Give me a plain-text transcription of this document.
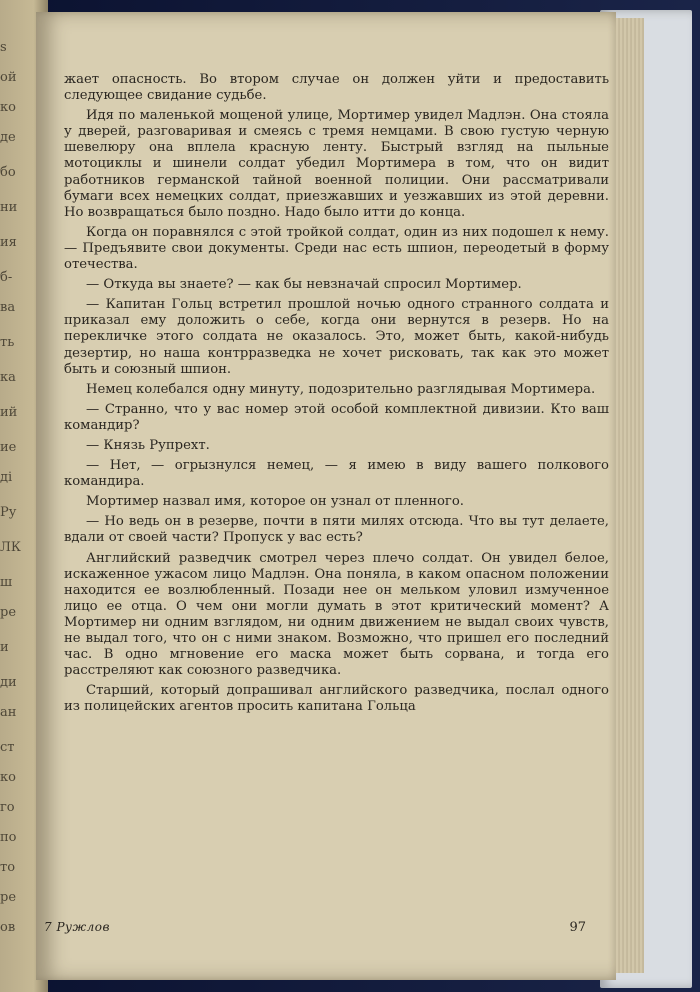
s
ой
ко
де
бо
ни
ия
б-
ва
ть
ка
ий
ие
дi
Ру
ЛК
ш
ре
и
ди
ан
ст
ко
го
по
то
ре
ов

жает опасность. Во втором случае он должен уйти и предоставить следующее свидание судьбе.

Идя по маленькой мощеной улице, Мортимер увидел Мадлэн. Она стояла у дверей, разговаривая и смеясь с тремя немцами. В свою густую черную шевелюру она вплела красную ленту. Быстрый взгляд на пыльные мотоциклы и шинели солдат убедил Мортимера в том, что он видит работников германской тайной военной полиции. Они рассматривали бумаги всех немецких солдат, приезжавших и уезжавших из этой деревни. Но возвращаться было поздно. Надо было итти до конца.

Когда он поравнялся с этой тройкой солдат, один из них подошел к нему. — Предъявите свои документы. Среди нас есть шпион, переодетый в форму отечества.

— Откуда вы знаете? — как бы невзначай спросил Мортимер.

— Капитан Гольц встретил прошлой ночью одного странного солдата и приказал ему доложить о себе, когда они вернутся в резерв. Но на перекличке этого солдата не оказалось. Это, может быть, какой-нибудь дезертир, но наша контрразведка не хочет рисковать, так как это может быть и союзный шпион.

Немец колебался одну минуту, подозрительно разглядывая Мортимера.

— Странно, что у вас номер этой особой комплектной дивизии. Кто ваш командир?

— Князь Рупрехт.

— Нет, — огрызнулся немец, — я имею в виду вашего полкового командира.

Мортимер назвал имя, которое он узнал от пленного.

— Но ведь он в резерве, почти в пяти милях отсюда. Что вы тут делаете, вдали от своей части? Пропуск у вас есть?

Английский разведчик смотрел через плечо солдат. Он увидел белое, искаженное ужасом лицо Мадлэн. Она поняла, в каком опасном положении находится ее возлюбленный. Позади нее он мельком уловил измученное лицо ее отца. О чем они могли думать в этот критический момент? А Мортимер ни одним взглядом, ни одним движением не выдал своих чувств, не выдал того, что он с ними знаком. Возможно, что пришел его последний час. В одно мгновение его маска может быть сорвана, и тогда его расстреляют как союзного разведчика.

Старший, который допрашивал английского разведчика, послал одного из полицейских агентов просить капитана Гольца

7 Ружлов	97
